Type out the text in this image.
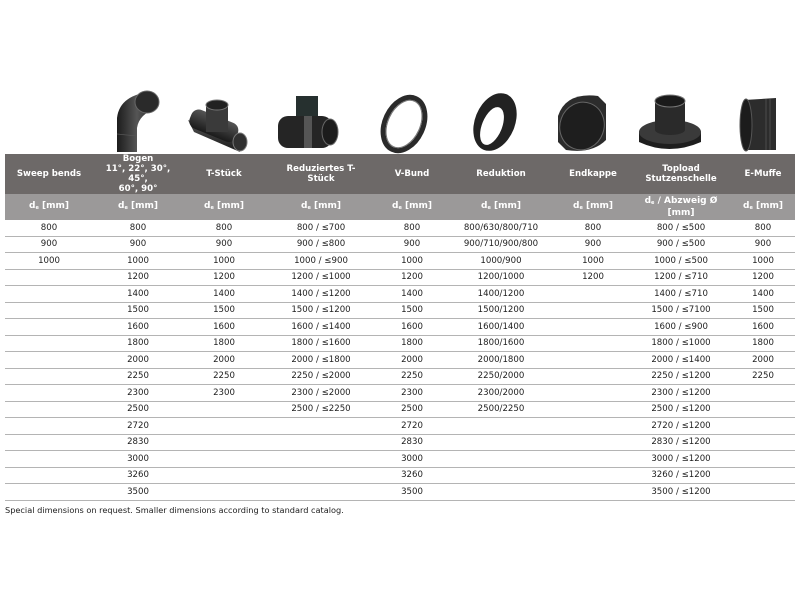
Sweep bends	Bogen
11°, 22°, 30°, 45°,
60°, 90°	T-Stück	Reduziertes T-
Stück	V-Bund	Reduktion	Endkappe	Topload
Stutzenschelle	E-Muffe
de [mm]	de [mm]	de [mm]	de [mm]	de [mm]	de [mm]	de [mm]	de / Abzweig Ø
[mm]	de [mm]
800	800	800	800 / ≤700	800	800/630/800/710	800	800 / ≤500	800
900	900	900	900 / ≤800	900	900/710/900/800	900	900 / ≤500	900
1000	1000	1000	1000 / ≤900	1000	1000/900	1000	1000 / ≤500	1000
	1200	1200	1200 / ≤1000	1200	1200/1000	1200	1200 / ≤710	1200
	1400	1400	1400 / ≤1200	1400	1400/1200		1400 / ≤710	1400
	1500	1500	1500 / ≤1200	1500	1500/1200		1500 / ≤7100	1500
	1600	1600	1600 / ≤1400	1600	1600/1400		1600 / ≤900	1600
	1800	1800	1800 / ≤1600	1800	1800/1600		1800 / ≤1000	1800
	2000	2000	2000 / ≤1800	2000	2000/1800		2000 / ≤1400	2000
	2250	2250	2250 / ≤2000	2250	2250/2000		2250 / ≤1200	2250
	2300	2300	2300 / ≤2000	2300	2300/2000		2300 / ≤1200	
	2500		2500 / ≤2250	2500	2500/2250		2500 / ≤1200	
	2720			2720			2720 / ≤1200	
	2830			2830			2830 / ≤1200	
	3000			3000			3000 / ≤1200	
	3260			3260			3260 / ≤1200	
	3500			3500			3500 / ≤1200	
Special dimensions on request. Smaller dimensions according to standard catalog.
